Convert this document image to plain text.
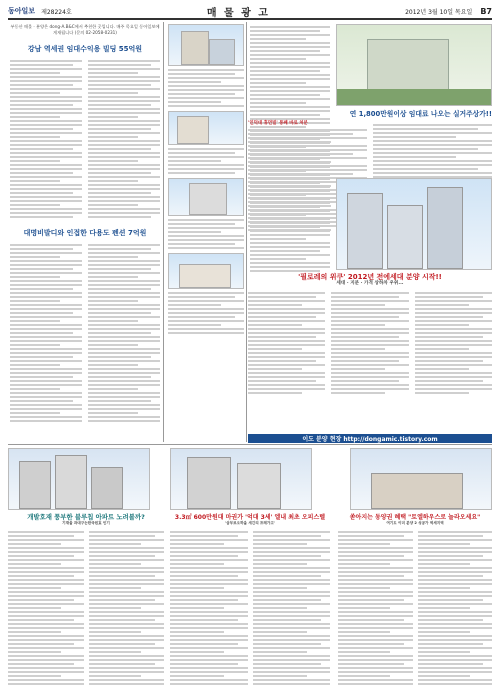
동아일보 제28224호	매 물 광 고	2012년 3월 10일 목요일 B7
부동산 매물 · 분양은 dong-A.B&C에서 추천한 곳입니다. 매주 목요일 동아일보에 게재됩니다 (문의 02-2058-0231)
강남 역세권 임대수익용 빌딩 55억원
대명비발디와 인접한 다용도 펜션 7억원
연 1,800만원이상 임대료 나오는 실거주상가!!
'인덕대 휴먼빌' 통째 바로 처분
'필로레의 위쿠' 2012년 전에세대 분양 시작!!
세대 · 지분 · 가격 상하차 우위...
이도 분양 현장 http://dongamic.tistory.com
개발호재 풍부한 블루칩 아파트 노려볼까?
기재율 과대구는한국원효 인기
3.3㎡ 600만원대 마권가 '억대 3세' 엘내 최초 오피스텔
'삼부르오하을 새긴리 프레가고'
쏟아지는 동양권 혜택 "토엘하우스로 놀라오세요"
여기도 이미 분양 2 성공가 역세지역
